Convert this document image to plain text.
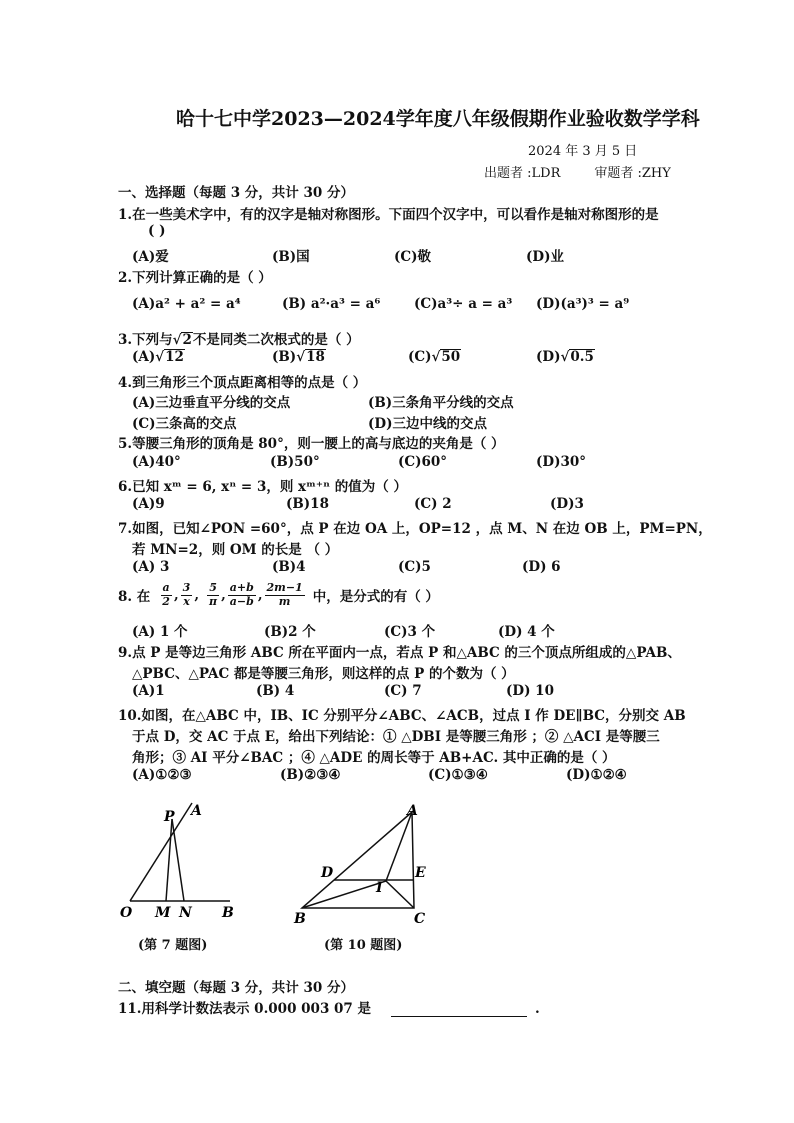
哈十七中学2023—2024学年度八年级假期作业验收数学学科
2024 年 3 月 5 日
出题者 :LDR	审题者 :ZHY
一、选择题（每题 3 分，共计 30 分）
1.在一些美术字中，有的汉字是轴对称图形。下面四个汉字中，可以看作是轴对称图形的是
( )
(A)爱	(B)国	(C)敬	(D)业
2.下列计算正确的是（ ）
(A)a² + a² = a⁴	(B) a²·a³ = a⁶ (C)a³÷ a = a³ (D)(a³)³ = a⁹
3.下列与√2不是同类二次根式的是（ ）
(A)√12	(B)√18	(C)√50	(D)√0.5
4.到三角形三个顶点距离相等的点是（ ）
(A)三边垂直平分线的交点	(B)三条角平分线的交点
(C)三条高的交点	(D)三边中线的交点
5.等腰三角形的顶角是 80°，则一腰上的高与底边的夹角是（ ）
(A)40°	(B)50°	(C)60°	(D)30°
6.已知 xᵐ = 6, xⁿ = 3，则 xᵐ⁺ⁿ 的值为（ ）
(A)9	(B)18	(C) 2	(D)3
7.如图，已知∠PON =60°，点 P 在边 OA 上，OP=12 ，点 M、N 在边 OB 上，PM=PN，
若 MN=2，则 OM 的长是 （ ）
(A) 3	(B)4	(C)5	(D) 6
8. 在 $\frac{a}{2}$ , $\frac{3}{x}$ , $\frac{5}{\pi}$ , $\frac{a+b}{a-b}$ , $\frac{2m-1}{m}$ 中，是分式的有（ ）
(A) 1 个	(B)2 个	(C)3 个	(D) 4 个
9.点 P 是等边三角形 ABC 所在平面内一点，若点 P 和△ABC 的三个顶点所组成的△PAB、
△PBC、△PAC 都是等腰三角形，则这样的点 P 的个数为（ ）
(A)1	(B) 4	(C) 7	(D) 10
10.如图，在△ABC 中，IB、IC 分别平分∠ABC、∠ACB，过点 I 作 DE∥BC，分别交 AB
于点 D，交 AC 于点 E，给出下列结论：① △DBI 是等腰三角形 ；② △ACI 是等腰三
角形；③ AI 平分∠BAC ；④ △ADE 的周长等于 AB+AC. 其中正确的是（ ）
(A)①②③	(B)②③④	(C)①③④	(D)①②④
P A
O M N B
(第 7 题图)
A
D	E
I
B	C
(第 10 题图)
二、填空题（每题 3 分，共计 30 分）
11.用科学计数法表示 0.000 003 07 是	.
